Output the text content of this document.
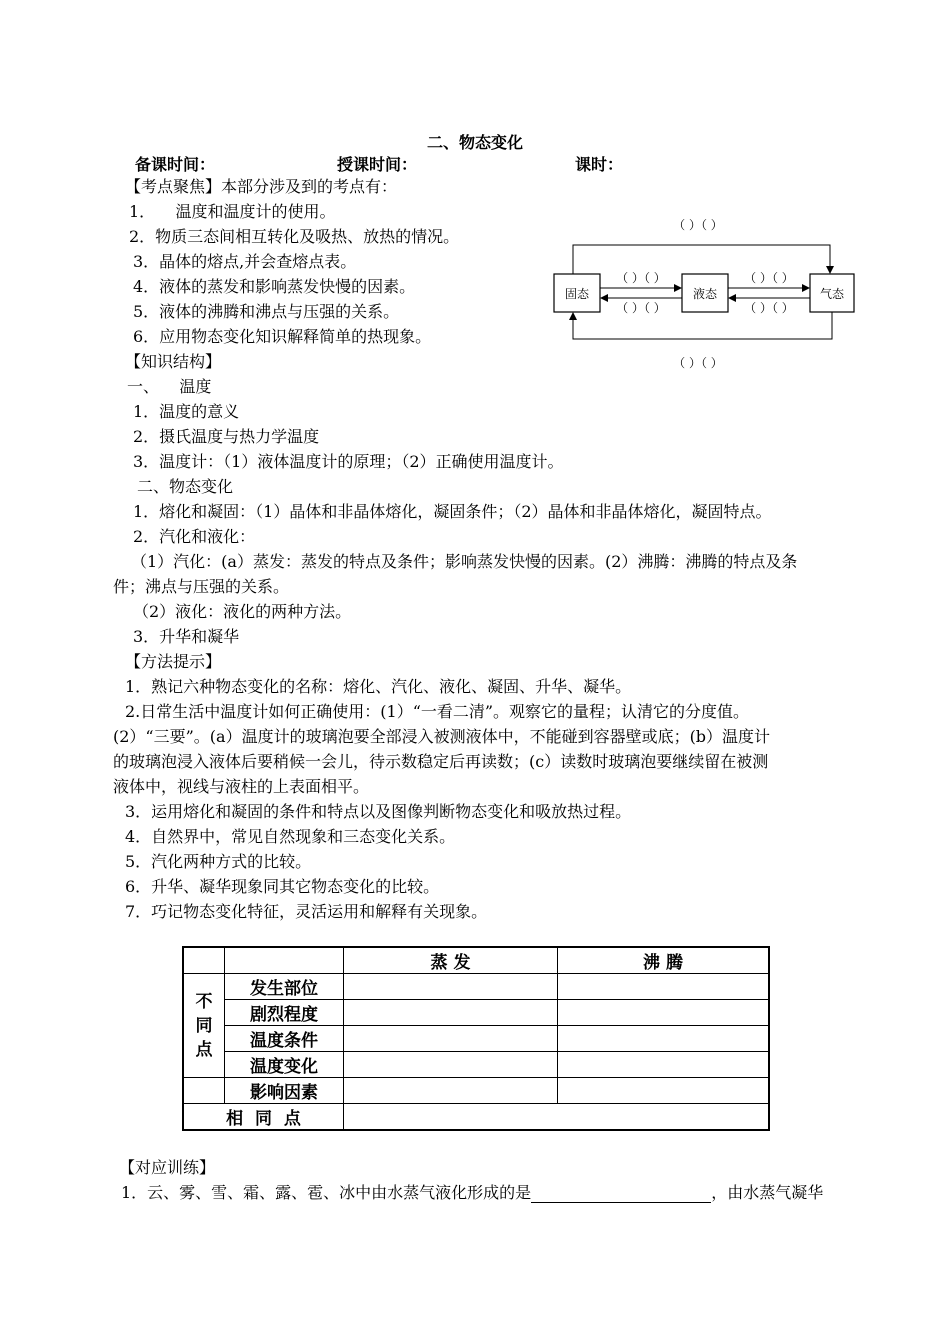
二、物态变化
备课时间：	授课时间：	课时：
【考点聚焦】本部分涉及到的考点有：
1．    温度和温度计的使用。
2．物质三态间相互转化及吸热、放热的情况。
3．晶体的熔点,并会查熔点表。
4．液体的蒸发和影响蒸发快慢的因素。
5．液体的沸腾和沸点与压强的关系。
6．应用物态变化知识解释简单的热现象。
【知识结构】
一、    温度
1．温度的意义
2．摄氏温度与热力学温度
3．温度计：（1）液体温度计的原理；（2）正确使用温度计。
二、物态变化
1．熔化和凝固：（1）晶体和非晶体熔化，凝固条件；（2）晶体和非晶体熔化，凝固特点。
2．汽化和液化：
（1）汽化：(a）蒸发：蒸发的特点及条件；影响蒸发快慢的因素。(2）沸腾：沸腾的特点及条
件；沸点与压强的关系。
（2）液化：液化的两种方法。
3．升华和凝华
【方法提示】
1．熟记六种物态变化的名称：熔化、汽化、液化、凝固、升华、凝华。
2.日常生活中温度计如何正确使用：(1）“一看二清”。观察它的量程；认清它的分度值。
(2）“三要”。(a）温度计的玻璃泡要全部浸入被测液体中，不能碰到容器壁或底；(b）温度计
的玻璃泡浸入液体后要稍候一会儿，待示数稳定后再读数；(c）读数时玻璃泡要继续留在被测
液体中，视线与液柱的上表面相平。
3．运用熔化和凝固的条件和特点以及图像判断物态变化和吸放热过程。
4．自然界中，常见自然现象和三态变化关系。
5．汽化两种方式的比较。
6．升华、凝华现象同其它物态变化的比较。
7．巧记物态变化特征，灵活运用和解释有关现象。
固态	液态	气态
（ ）（ ）
（ ）（ ）
（ ）（ ）
（ ）（ ）
（ ）（ ）
（ ）（ ）
		蒸 发	沸 腾
不
同
点	发生部位		
	剧烈程度		
	温度条件		
	温度变化		
	影响因素		
相  同  点			
【对应训练】
1．云、雾、雪、霜、露、雹、冰中由水蒸气液化形成的是	，由水蒸气凝华
